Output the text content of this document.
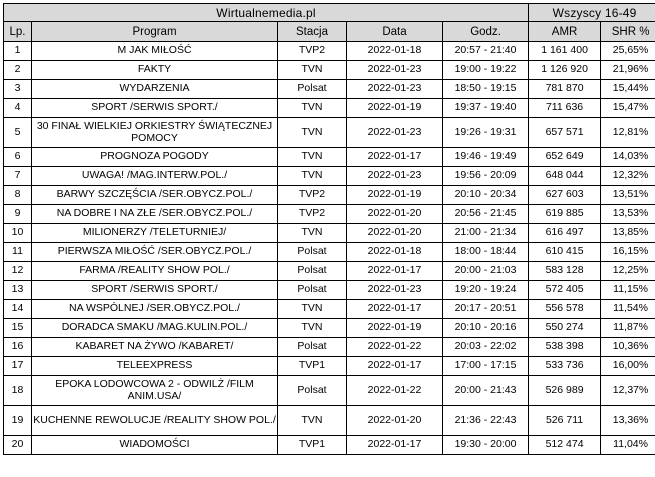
Wirtualnemedia.pl					Wszyscy 16-49	
Lp.	Program	Stacja	Data	Godz.	AMR	SHR %
1	M JAK MIŁOŚĆ	TVP2	2022-01-18	20:57 - 21:40	1 161 400	25,65%
2	FAKTY	TVN	2022-01-23	19:00 - 19:22	1 126 920	21,96%
3	WYDARZENIA	Polsat	2022-01-23	18:50 - 19:15	781 870	15,44%
4	SPORT /SERWIS SPORT./	TVN	2022-01-19	19:37 - 19:40	711 636	15,47%
5	30 FINAŁ WIELKIEJ ORKIESTRY ŚWIĄTECZNEJ POMOCY	TVN	2022-01-23	19:26 - 19:31	657 571	12,81%
6	PROGNOZA POGODY	TVN	2022-01-17	19:46 - 19:49	652 649	14,03%
7	UWAGA! /MAG.INTERW.POL./	TVN	2022-01-23	19:56 - 20:09	648 044	12,32%
8	BARWY SZCZĘŚCIA /SER.OBYCZ.POL./	TVP2	2022-01-19	20:10 - 20:34	627 603	13,51%
9	NA DOBRE I NA ZŁE /SER.OBYCZ.POL./	TVP2	2022-01-20	20:56 - 21:45	619 885	13,53%
10	MILIONERZY /TELETURNIEJ/	TVN	2022-01-20	21:00 - 21:34	616 497	13,85%
11	PIERWSZA MIŁOŚĆ /SER.OBYCZ.POL./	Polsat	2022-01-18	18:00 - 18:44	610 415	16,15%
12	FARMA /REALITY SHOW POL./	Polsat	2022-01-17	20:00 - 21:03	583 128	12,25%
13	SPORT /SERWIS SPORT./	Polsat	2022-01-23	19:20 - 19:24	572 405	11,15%
14	NA WSPÓLNEJ /SER.OBYCZ.POL./	TVN	2022-01-17	20:17 - 20:51	556 578	11,54%
15	DORADCA SMAKU /MAG.KULIN.POL./	TVN	2022-01-19	20:10 - 20:16	550 274	11,87%
16	KABARET NA ŻYWO /KABARET/	Polsat	2022-01-22	20:03 - 22:02	538 398	10,36%
17	TELEEXPRESS	TVP1	2022-01-17	17:00 - 17:15	533 736	16,00%
18	EPOKA LODOWCOWA 2 - ODWILŻ /FILM ANIM.USA/	Polsat	2022-01-22	20:00 - 21:43	526 989	12,37%
19	KUCHENNE REWOLUCJE /REALITY SHOW POL./	TVN	2022-01-20	21:36 - 22:43	526 711	13,36%
20	WIADOMOŚCI	TVP1	2022-01-17	19:30 - 20:00	512 474	11,04%
